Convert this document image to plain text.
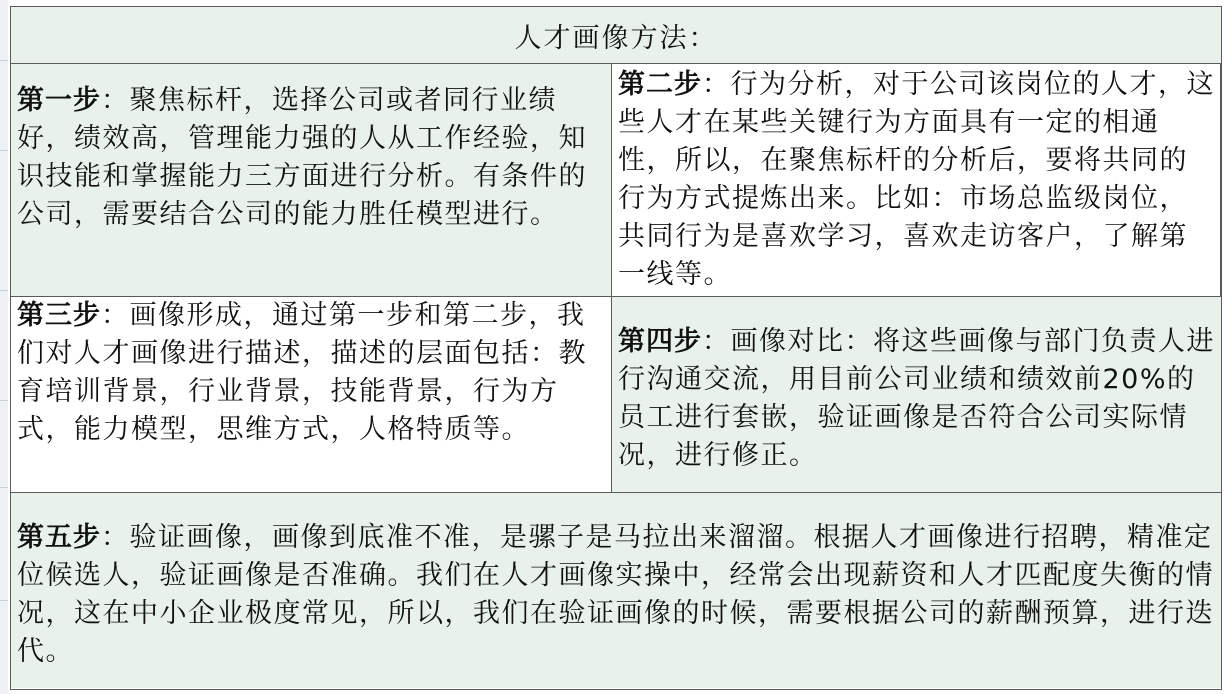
人才画像方法：
第一步：聚焦标杆，选择公司或者同行业绩好，绩效高，管理能力强的人从工作经验，知识技能和掌握能力三方面进行分析。有条件的公司，需要结合公司的能力胜任模型进行。
第二步：行为分析，对于公司该岗位的人才，这些人才在某些关键行为方面具有一定的相通性，所以，在聚焦标杆的分析后，要将共同的行为方式提炼出来。比如：市场总监级岗位，共同行为是喜欢学习，喜欢走访客户，了解第一线等。
第三步：画像形成，通过第一步和第二步，我们对人才画像进行描述，描述的层面包括：教育培训背景，行业背景，技能背景，行为方式，能力模型，思维方式，人格特质等。
第四步：画像对比：将这些画像与部门负责人进行沟通交流，用目前公司业绩和绩效前20%的员工进行套嵌，验证画像是否符合公司实际情况，进行修正。
第五步：验证画像，画像到底准不准，是骡子是马拉出来溜溜。根据人才画像进行招聘，精准定位候选人，验证画像是否准确。我们在人才画像实操中，经常会出现薪资和人才匹配度失衡的情况，这在中小企业极度常见，所以，我们在验证画像的时候，需要根据公司的薪酬预算，进行迭代。
